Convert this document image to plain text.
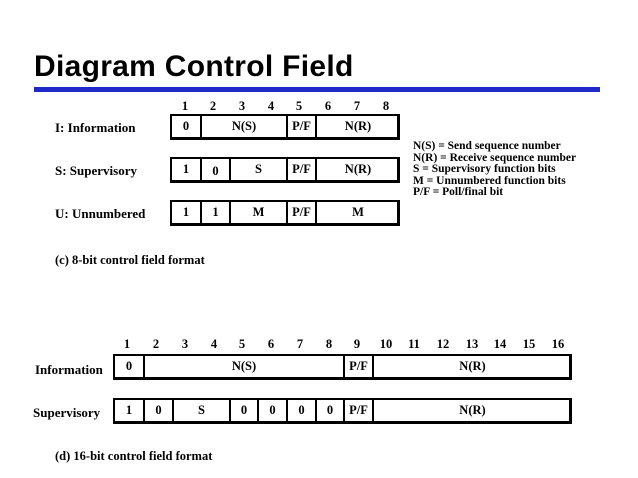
Diagram Control Field
1	2	3	4	5	6	7	8
I: Information	0	N(S)	P/F	N(R)
S: Supervisory	1	0	S	P/F	N(R)
U: Unnumbered	1	1	M	P/F	M
N(S) = Send sequence number
N(R) = Receive sequence number
S = Supervisory function bits
M = Unnumbered function bits
P/F = Poll/final bit
(c) 8-bit control field format
1	2	3	4	5	6	7	8	9	10	11	12	13	14	15	16
Information	0	N(S)	P/F	N(R)
Supervisory	1	0	S	0	0	0	0	P/F	N(R)
(d) 16-bit control field format
